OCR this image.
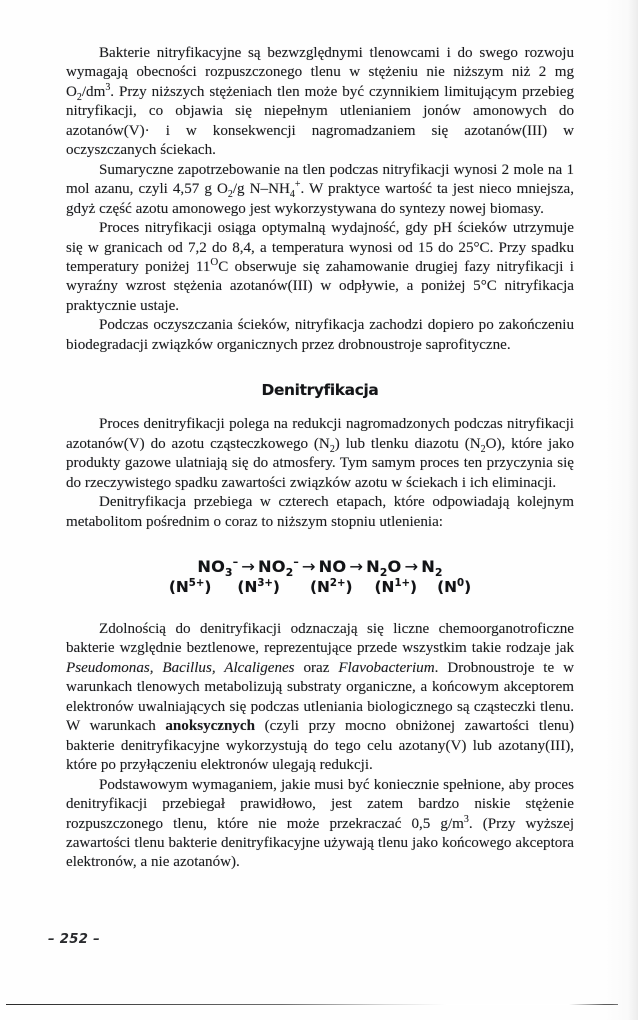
Bakterie nitryfikacyjne są bezwzględnymi tlenowcami i do swego rozwoju wymagają obecności rozpuszczonego tlenu w stężeniu nie niższym niż 2 mg $O_2/dm^3$. Przy niższych stężeniach tlen może być czynnikiem limitującym przebieg nitryfikacji, co objawia się niepełnym utlenianiem jonów amonowych do azotanów(V)· i w konsekwencji nagromadzaniem się azotanów(III) w oczyszczanych ściekach.

Sumaryczne zapotrzebowanie na tlen podczas nitryfikacji wynosi 2 mole na 1 mol azanu, czyli 4,57 g $O_2/g$ $N-NH_4^+$. W praktyce wartość ta jest nieco mniejsza, gdyż część azotu amonowego jest wykorzystywana do syntezy nowej biomasy.

Proces nitryfikacji osiąga optymalną wydajność, gdy pH ścieków utrzymuje się w granicach od 7,2 do 8,4, a temperatura wynosi od 15 do 25°C. Przy spadku temperatury poniżej $11^OC$ obserwuje się zahamowanie drugiej fazy nitryfikacji i wyraźny wzrost stężenia azotanów(III) w odpływie, a poniżej 5°C nitryfikacja praktycznie ustaje.

Podczas oczyszczania ścieków, nitryfikacja zachodzi dopiero po zakończeniu biodegradacji związków organicznych przez drobnoustroje saprofityczne.

Denitryfikacja

Proces denitryfikacji polega na redukcji nagromadzonych podczas nitryfikacji azotanów(V) do azotu cząsteczkowego $(N_2)$ lub tlenku diazotu $(N_2O)$, które jako produkty gazowe ulatniają się do atmosfery. Tym samym proces ten przyczynia się do rzeczywistego spadku zawartości związków azotu w ściekach i ich eliminacji.

Denitryfikacja przebiega w czterech etapach, które odpowiadają kolejnym metabolitom pośrednim o coraz to niższym stopniu utlenienia:

$NO_3^- \to NO_2^-$ → NO → $N_2O \to N_2$
$(N^{5+})$ $(N^{3+})$ $(N^{2+})$ $(N^{1+})$ $(N^0)$

Zdolnością do denitryfikacji odznaczają się liczne chemoorganotroficzne bakterie względnie beztlenowe, reprezentujące przede wszystkim takie rodzaje jak Pseudomonas, Bacillus, Alcaligenes oraz Flavobacterium. Drobnoustroje te w warunkach tlenowych metabolizują substraty organiczne, a końcowym akceptorem elektronów uwalniających się podczas utleniania biologicznego są cząsteczki tlenu. W warunkach anoksycznych (czyli przy mocno obniżonej zawartości tlenu) bakterie denitryfikacyjne wykorzystują do tego celu azotany(V) lub azotany(III), które po przyłączeniu elektronów ulegają redukcji.

Podstawowym wymaganiem, jakie musi być koniecznie spełnione, aby proces denitryfikacji przebiegał prawidłowo, jest zatem bardzo niskie stężenie rozpuszczonego tlenu, które nie może przekraczać 0,5 $g/m^3$. (Przy wyższej zawartości tlenu bakterie denitryfikacyjne używają tlenu jako końcowego akceptora elektronów, a nie azotanów).

– 252 –
